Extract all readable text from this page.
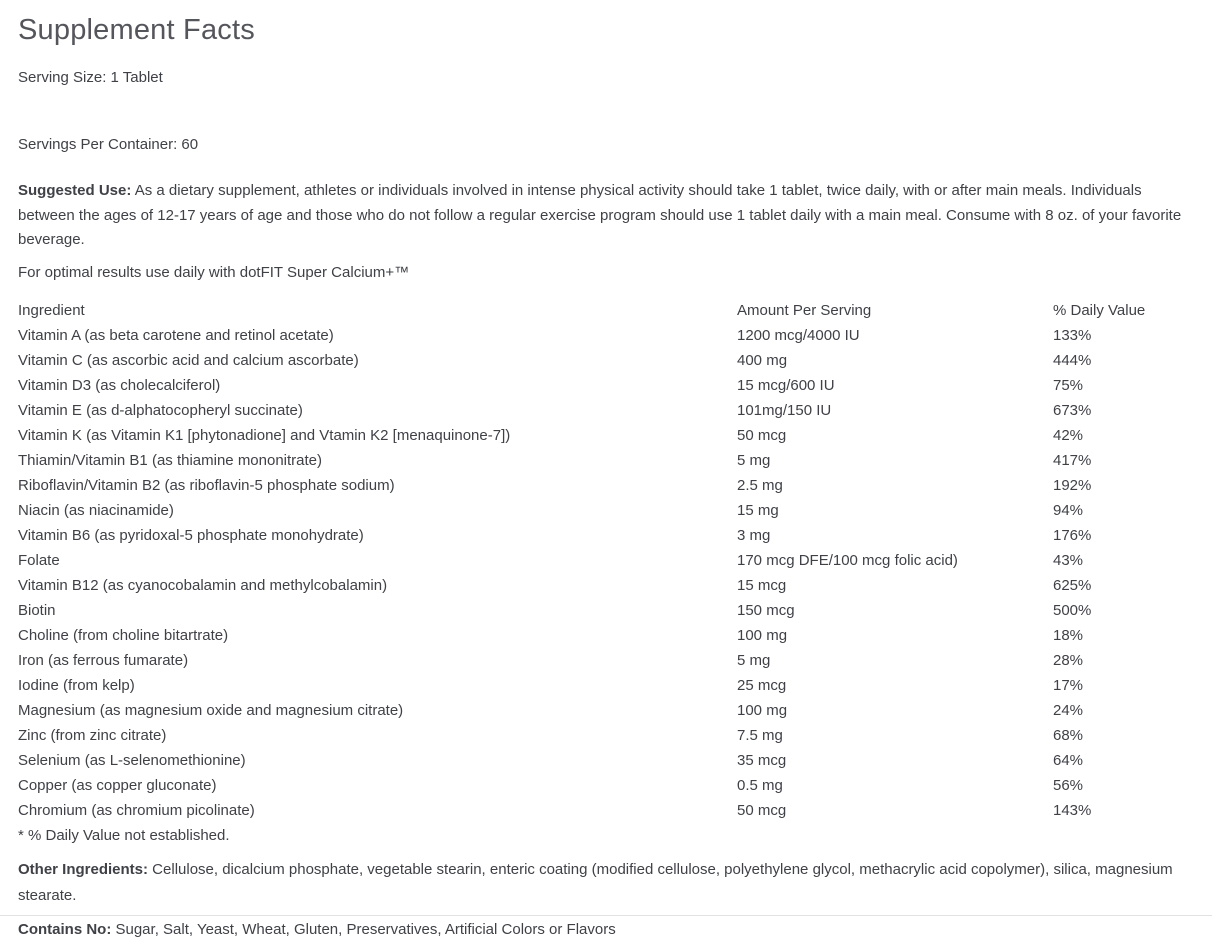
Supplement Facts
Serving Size: 1 Tablet
Servings Per Container: 60

Suggested Use: As a dietary supplement, athletes or individuals involved in intense physical activity should take 1 tablet, twice daily, with or after main meals. Individuals between the ages of 12-17 years of age and those who do not follow a regular exercise program should use 1 tablet daily with a main meal. Consume with 8 oz. of your favorite beverage.

For optimal results use daily with dotFIT Super Calcium+™
Ingredient	Amount Per Serving	% Daily Value
Vitamin A (as beta carotene and retinol acetate)	1200 mcg/4000 IU	133%
Vitamin C (as ascorbic acid and calcium ascorbate)	400 mg	444%
Vitamin D3 (as cholecalciferol)	15 mcg/600 IU	75%
Vitamin E (as d-alphatocopheryl succinate)	101mg/150 IU	673%
Vitamin K (as Vitamin K1 [phytonadione] and Vtamin K2 [menaquinone-7])	50 mcg	42%
Thiamin/Vitamin B1 (as thiamine mononitrate)	5 mg	417%
Riboflavin/Vitamin B2 (as riboflavin-5 phosphate sodium)	2.5 mg	192%
Niacin (as niacinamide)	15 mg	94%
Vitamin B6 (as pyridoxal-5 phosphate monohydrate)	3 mg	176%
Folate	170 mcg DFE/100 mcg folic acid)	43%
Vitamin B12 (as cyanocobalamin and methylcobalamin)	15 mcg	625%
Biotin	150 mcg	500%
Choline (from choline bitartrate)	100 mg	18%
Iron (as ferrous fumarate)	5 mg	28%
Iodine (from kelp)	25 mcg	17%
Magnesium (as magnesium oxide and magnesium citrate)	100 mg	24%
Zinc (from zinc citrate)	7.5 mg	68%
Selenium (as L-selenomethionine)	35 mcg	64%
Copper (as copper gluconate)	0.5 mg	56%
Chromium (as chromium picolinate)	50 mcg	143%
* % Daily Value not established.

Other Ingredients: Cellulose, dicalcium phosphate, vegetable stearin, enteric coating (modified cellulose, polyethylene glycol, methacrylic acid copolymer), silica, magnesium stearate.

Contains No: Sugar, Salt, Yeast, Wheat, Gluten, Preservatives, Artificial Colors or Flavors
